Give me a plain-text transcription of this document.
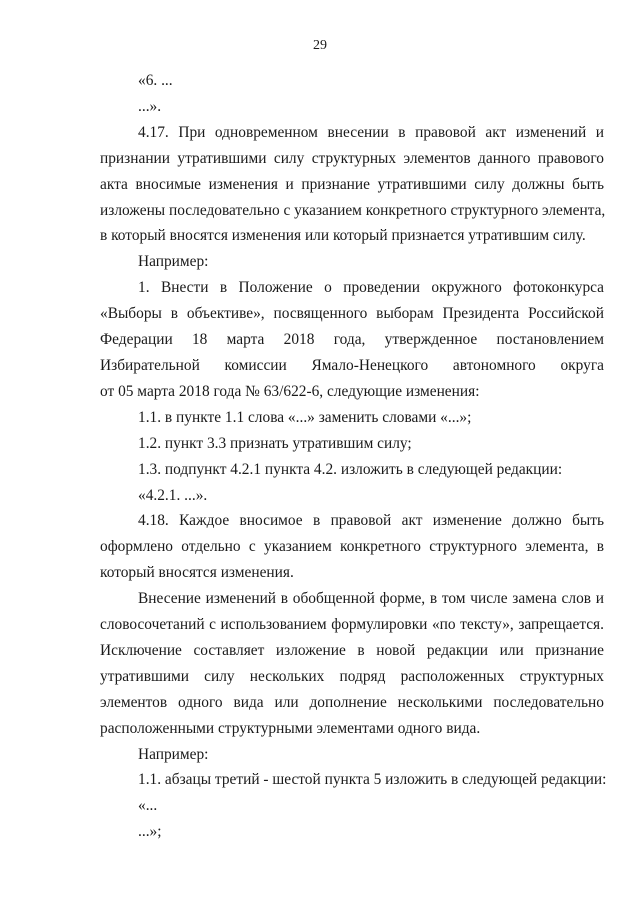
29
«6. ...
...».
4.17. При одновременном внесении в правовой акт изменений и
признании утратившими силу структурных элементов данного правового
акта вносимые изменения и признание утратившими силу должны быть
изложены последовательно с указанием конкретного структурного элемента,
в который вносятся изменения или который признается утратившим силу.
Например:
1. Внести в Положение о проведении окружного фотоконкурса
«Выборы в объективе», посвященного выборам Президента Российской
Федерации 18 марта 2018 года, утвержденное постановлением
Избирательной комиссии Ямало-Ненецкого автономного округа
от 05 марта 2018 года № 63/622-6, следующие изменения:
1.1. в пункте 1.1 слова «...» заменить словами «...»;
1.2. пункт 3.3 признать утратившим силу;
1.3. подпункт 4.2.1 пункта 4.2. изложить в следующей редакции:
«4.2.1. ...».
4.18. Каждое вносимое в правовой акт изменение должно быть
оформлено отдельно с указанием конкретного структурного элемента, в
который вносятся изменения.
Внесение изменений в обобщенной форме, в том числе замена слов и
словосочетаний с использованием формулировки «по тексту», запрещается.
Исключение составляет изложение в новой редакции или признание
утратившими силу нескольких подряд расположенных структурных
элементов одного вида или дополнение несколькими последовательно
расположенными структурными элементами одного вида.
Например:
1.1. абзацы третий - шестой пункта 5 изложить в следующей редакции:
«...
...»;
